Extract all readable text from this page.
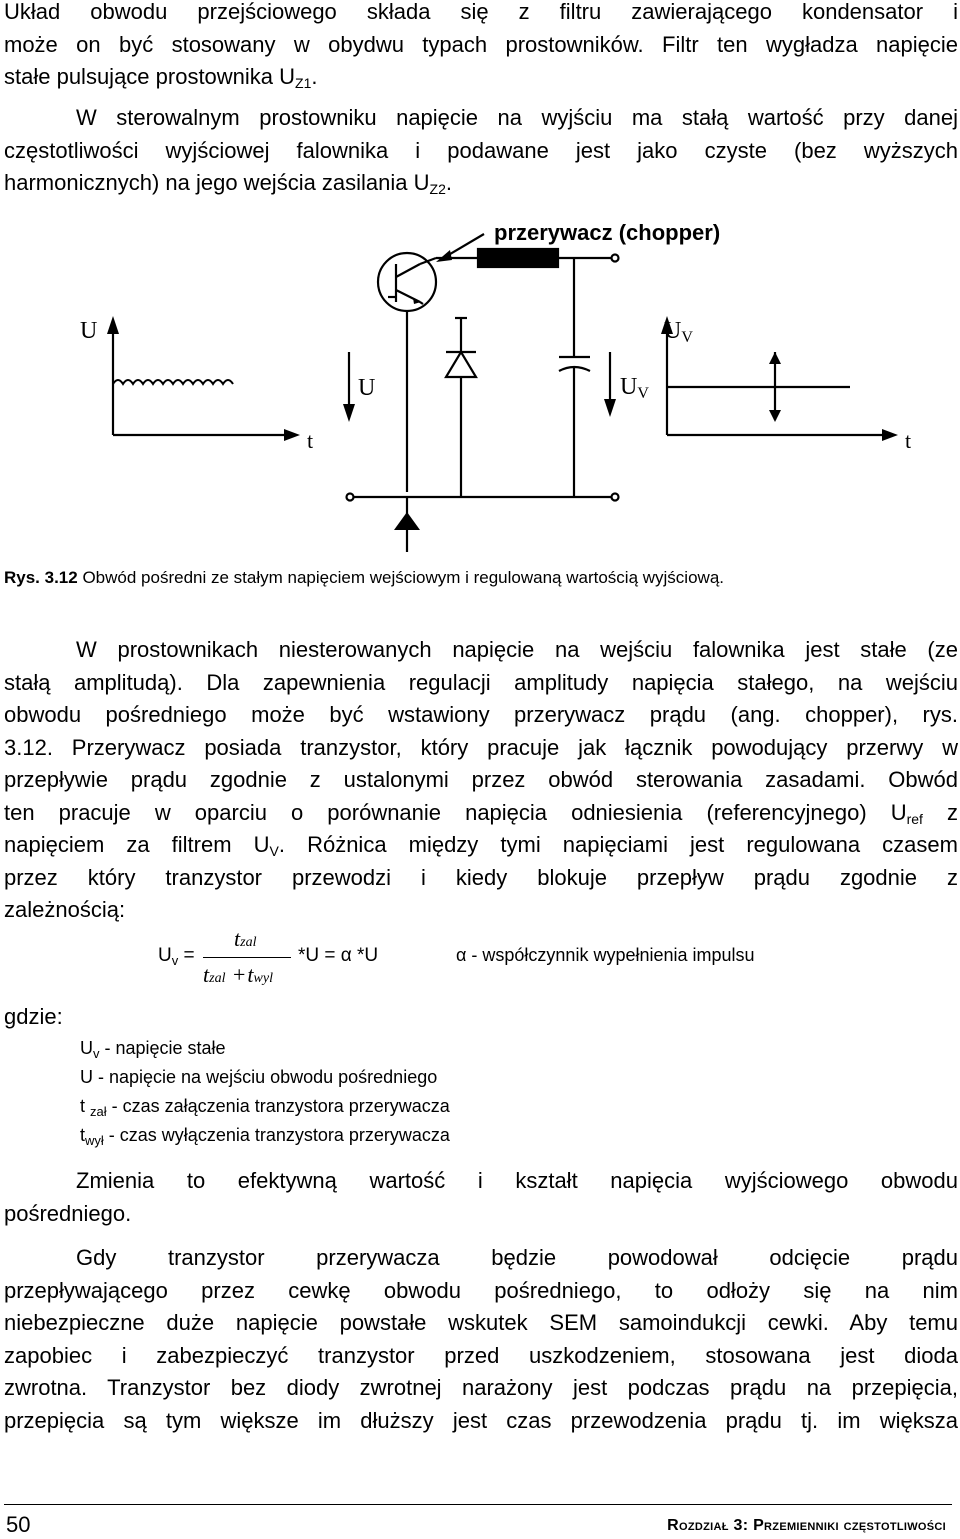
Układ obwodu przejściowego składa się z filtru zawierającego kondensator i
może on być stosowany w obydwu typach prostowników. Filtr ten wygładza napięcie
stałe pulsujące prostownika $U_{Z1}$.
W sterowalnym prostowniku napięcie na wyjściu ma stałą wartość przy danej
częstotliwości wyjściowej falownika i podawane jest jako czyste (bez wyższych
harmonicznych) na jego wejścia zasilania $U_{Z2}$.
przerywacz (chopper)
U
t
U	UV
UV
t
Rys. 3.12 Obwód pośredni ze stałym napięciem wejściowym i regulowaną wartością wyjściową.
W prostownikach niesterowanych napięcie na wejściu falownika jest stałe (ze
stałą amplitudą). Dla zapewnienia regulacji amplitudy napięcia stałego, na wejściu
obwodu pośredniego może być wstawiony przerywacz prądu (ang. chopper), rys.
3.12. Przerywacz posiada tranzystor, który pracuje jak łącznik powodujący przerwy w
przepływie prądu zgodnie z ustalonymi przez obwód sterowania zasadami. Obwód
ten pracuje w oparciu o porównanie napięcia odniesienia (referencyjnego) $U_{ref}$ z
napięciem za filtrem $U_V$. Różnica między tymi napięciami jest regulowana czasem
przez który tranzystor przewodzi i kiedy blokuje przepływ prądu zgodnie z
zależnością:
$U_v$ =
tzal
tzal +twyl
*U = α *U	α - współczynnik wypełnienia impulsu
gdzie:
$U_v$ - napięcie stałe
U - napięcie na wejściu obwodu pośredniego
t $_{zał}$ - czas załączenia tranzystora przerywacza
$t_{wył}$ - czas wyłączenia tranzystora przerywacza
Zmienia to efektywną wartość i kształt napięcia wyjściowego obwodu
pośredniego.
Gdy tranzystor przerywacza będzie powodował odcięcie prądu
przepływającego przez cewkę obwodu pośredniego, to odłoży się na nim
niebezpieczne duże napięcie powstałe wskutek SEM samoindukcji cewki. Aby temu
zapobiec i zabezpieczyć tranzystor przed uszkodzeniem, stosowana jest dioda
zwrotna. Tranzystor bez diody zwrotnej narażony jest podczas prądu na przepięcia,
przepięcia są tym większe im dłuższy jest czas przewodzenia prądu tj. im większa
50	Rozdział 3: Przemienniki częstotliwości
